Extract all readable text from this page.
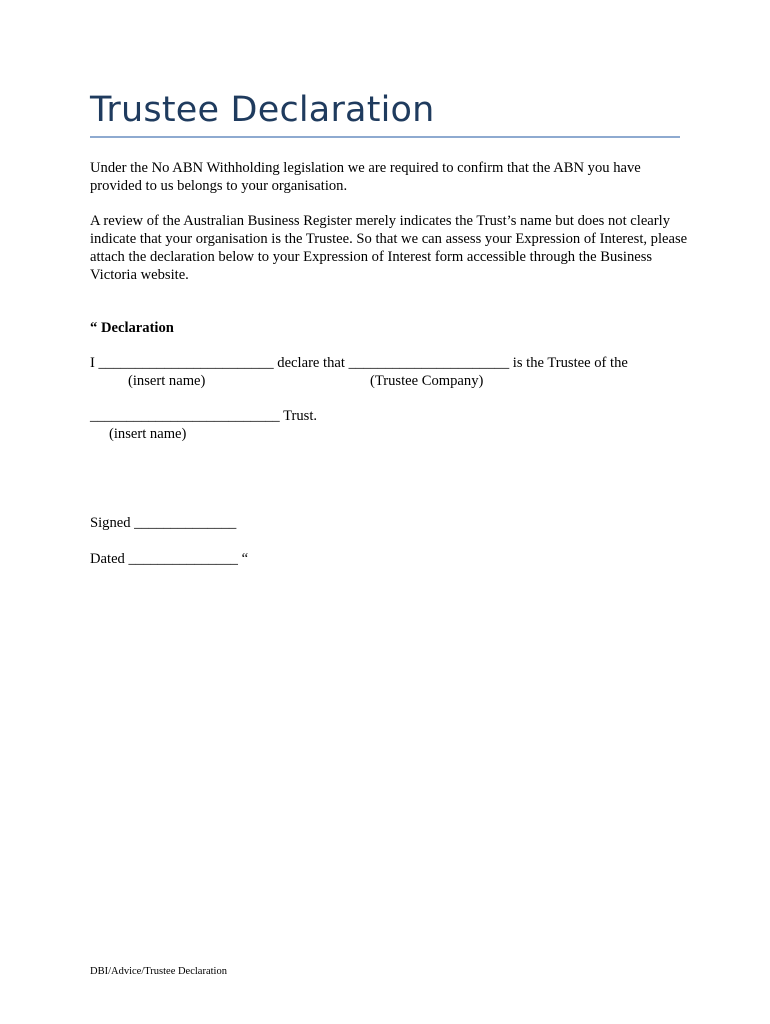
Trustee Declaration

Under the No ABN Withholding legislation we are required to confirm that the ABN you have provided to us belongs to your organisation.

A review of the Australian Business Register merely indicates the Trust’s name but does not clearly indicate that your organisation is the Trustee. So that we can assess your Expression of Interest, please attach the declaration below to your Expression of Interest form accessible through the Business Victoria website.

“ Declaration
I ________________________ declare that ______________________ is the Trustee of the
(insert name)	(Trustee Company)
__________________________ Trust.
(insert name)
Signed ______________
Dated _______________ “
DBI/Advice/Trustee Declaration
